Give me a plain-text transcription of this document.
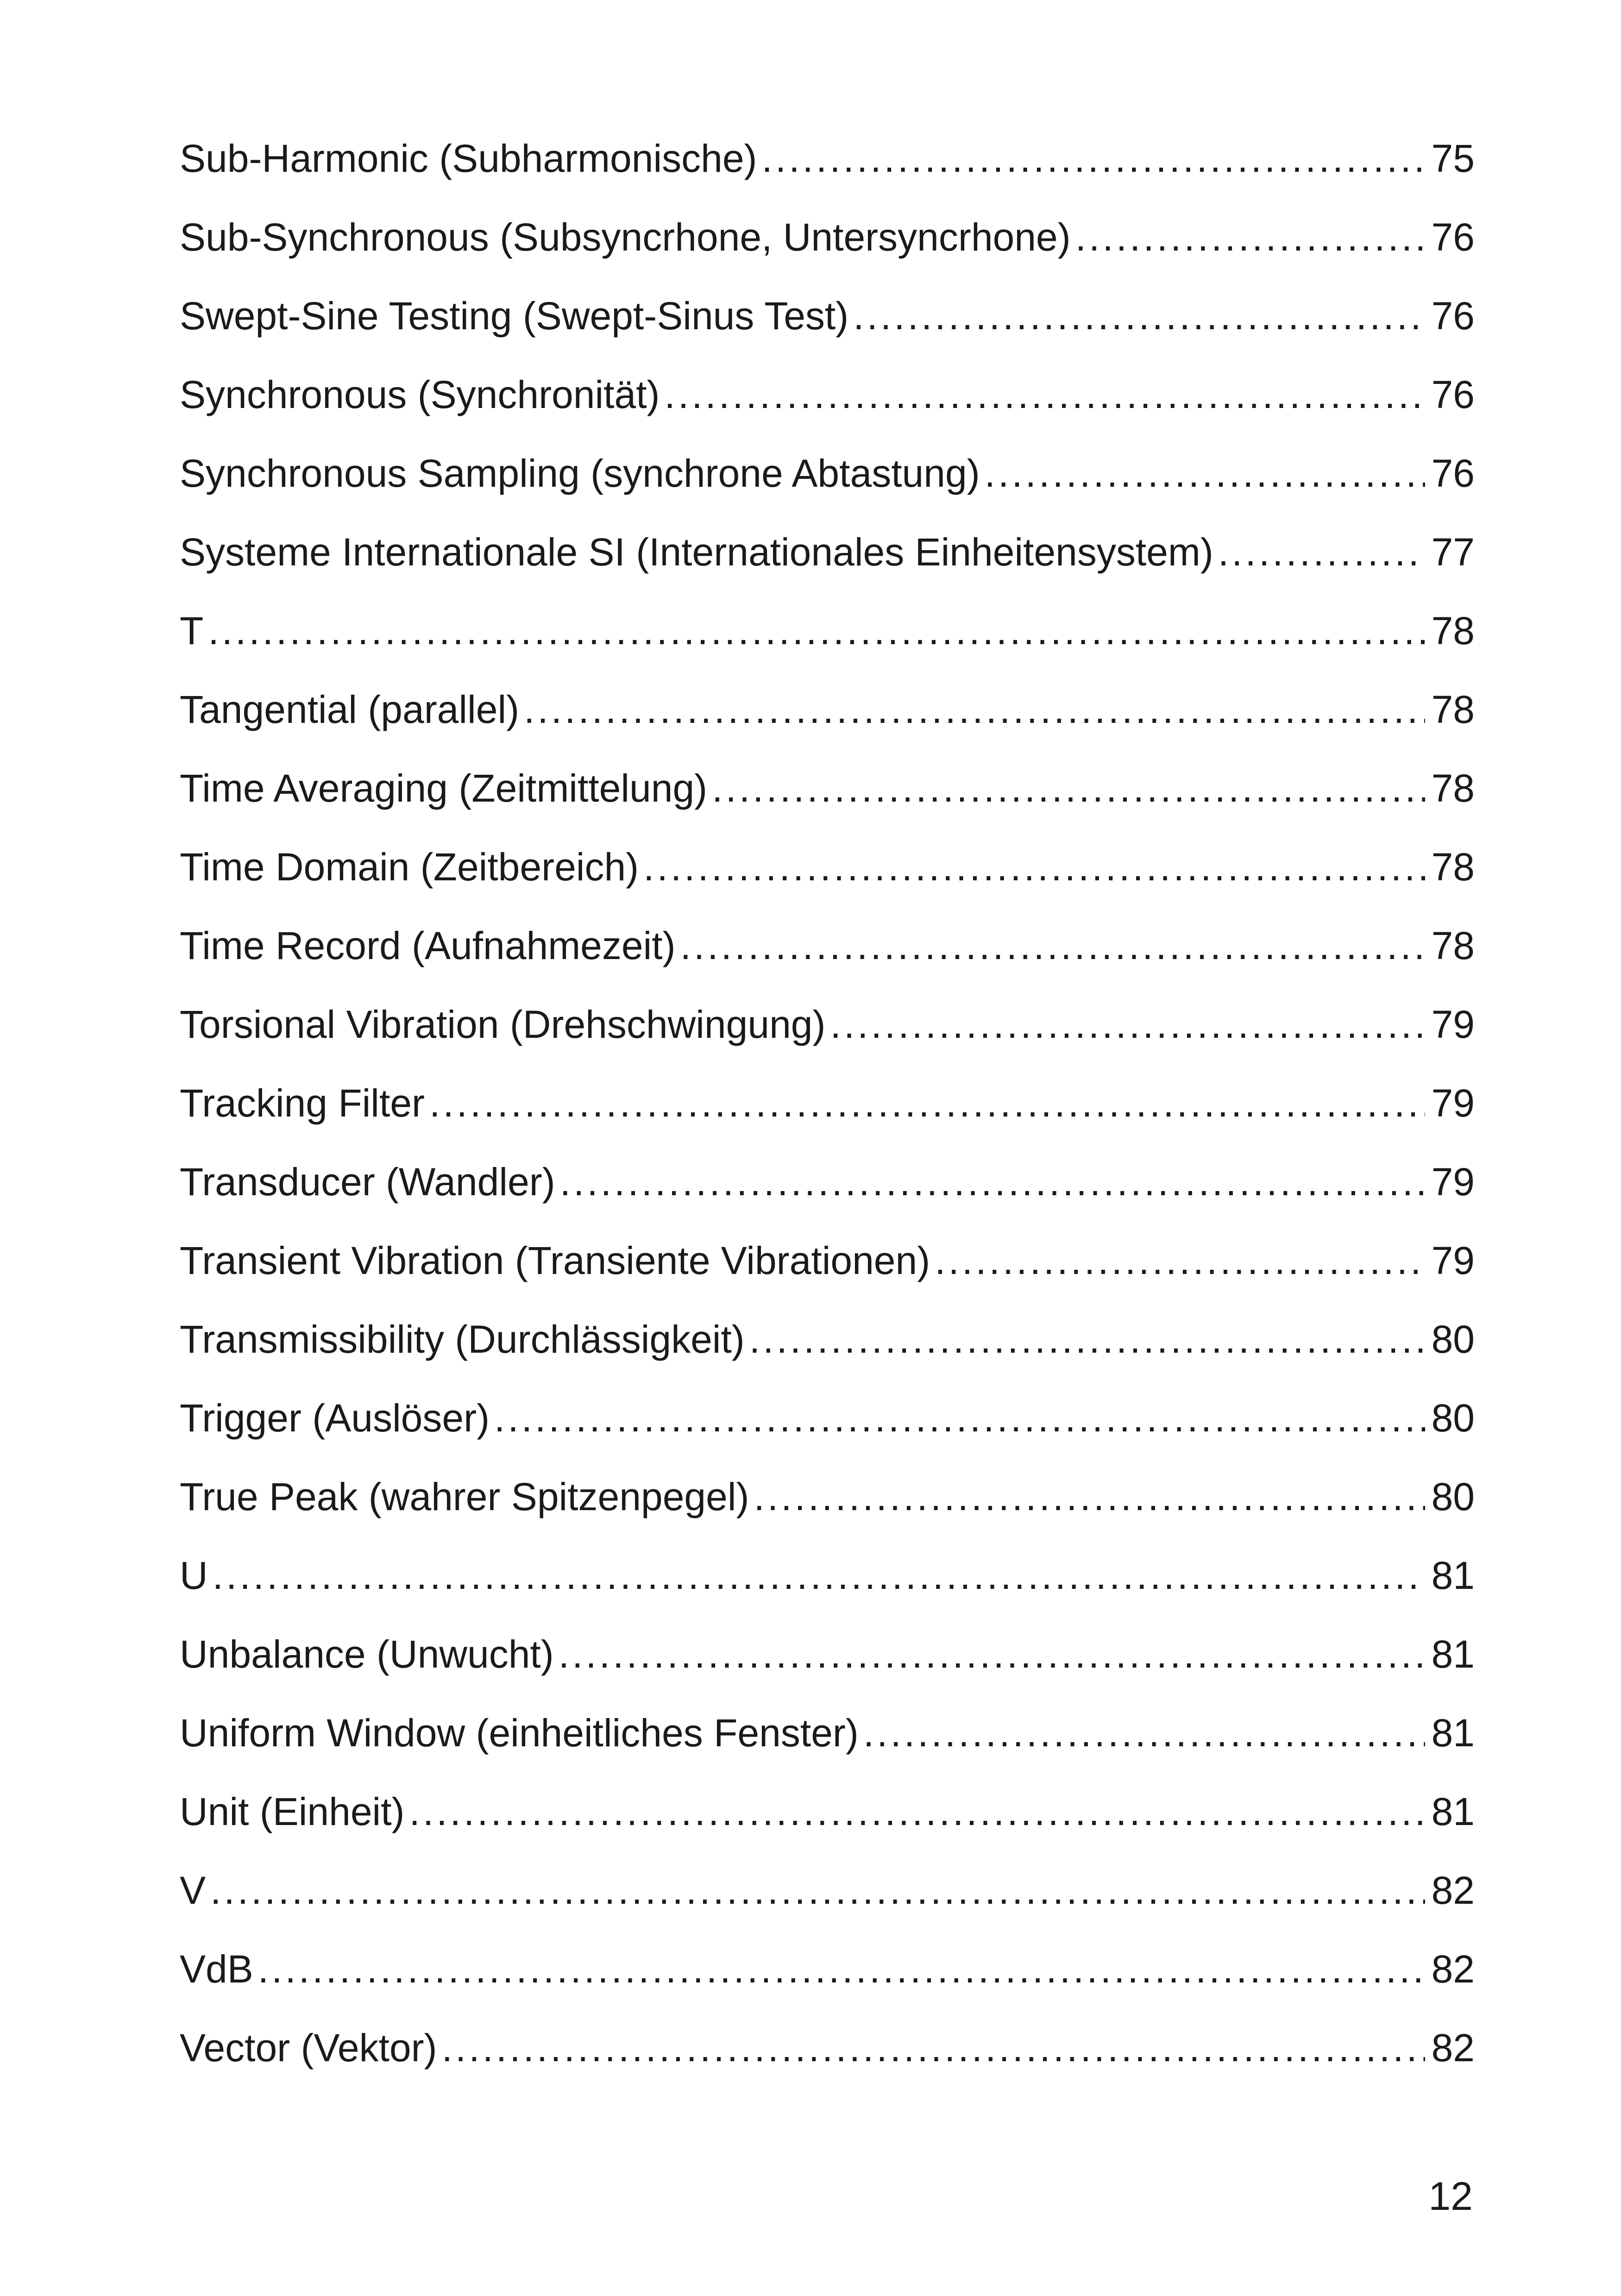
Sub-Harmonic (Subharmonische) .....	75
Sub-Synchronous (Subsyncrhone, Untersyncrhone) .....	76
Swept-Sine Testing (Swept-Sinus Test) .....	76
Synchronous (Synchronität) .....	76
Synchronous Sampling (synchrone Abtastung) .....	76
Systeme Internationale SI (Internationales Einheitensystem) .....	77
T .....	78
Tangential (parallel) .....	78
Time Averaging (Zeitmittelung) .....	78
Time Domain (Zeitbereich) .....	78
Time Record (Aufnahmezeit) .....	78
Torsional Vibration (Drehschwingung) .....	79
Tracking Filter .....	79
Transducer (Wandler) .....	79
Transient Vibration (Transiente Vibrationen) .....	79
Transmissibility (Durchlässigkeit) .....	80
Trigger (Auslöser) .....	80
True Peak (wahrer Spitzenpegel) .....	80
U .....	81
Unbalance (Unwucht) .....	81
Uniform Window (einheitliches Fenster) .....	81
Unit (Einheit) .....	81
V .....	82
VdB .....	82
Vector (Vektor) .....	82
12
